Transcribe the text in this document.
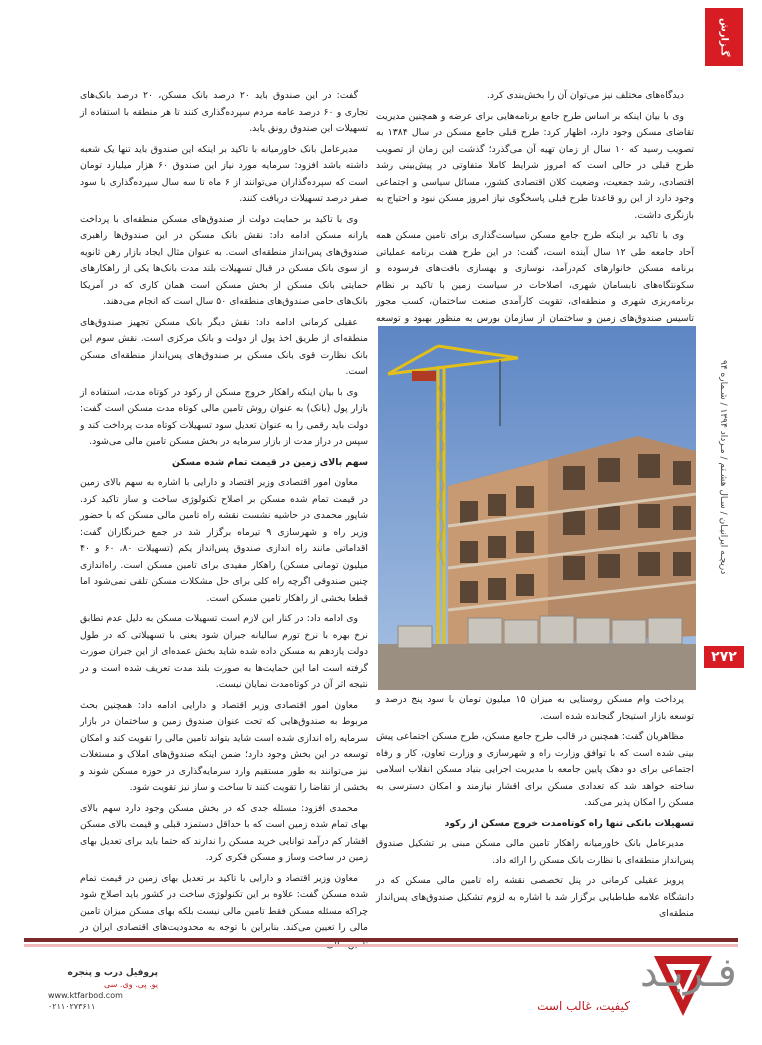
گـزارش
دریچـه ایرانیـان / سـال هشـتم / مـرداد ۱۳۹۴ / شـماره ۹۴
۲۷۲

دیدگاه‌های مختلف نیز می‌توان آن را بخش‌بندی کرد.

وی با بیان اینکه بر اساس طرح جامع برنامه‌هایی برای عرضه و همچنین مدیریت تقاضای مسکن وجود دارد، اظهار کرد: طرح قبلی جامع مسکن در سال ۱۳۸۴ به تصویب رسید که ۱۰ سال از زمان تهیه آن می‌گذرد؛ گذشت این زمان از تصویب طرح قبلی در حالی است که امروز شرایط کاملا متفاوتی در پیش‌بینی رشد اقتصادی، رشد جمعیت، وضعیت کلان اقتصادی کشور، مسائل سیاسی و اجتماعی وجود دارد از این رو قاعدتا طرح قبلی پاسخگوی نیاز امروز مسکن نبود و احتیاج به بازنگری داشت.

وی با تاکید بر اینکه طرح جامع مسکن سیاست‌گذاری برای تامین مسکن همه آحاد جامعه طی ۱۲ سال آینده است، گفت: در این طرح هفت برنامه عملیاتی برنامه مسکن خانوارهای کم‌درآمد، نوسازی و بهسازی بافت‌های فرسوده و سکونتگاه‌های نابسامان شهری، اصلاحات در سیاست زمین با تاکید بر نظام برنامه‌ریزی شهری و منطقه‌ای، تقویت کارآمدی صنعت ساختمان، کسب مجوز تاسیس صندوق‌های زمین و ساختمان از سازمان بورس به منظور بهبود و توسعه

پرداخت وام مسکن روستایی به میزان ۱۵ میلیون تومان با سود پنج درصد و توسعه بازار استیجار گنجانده شده است.

مظاهریان گفت: همچنین در قالب طرح جامع مسکن، طرح مسکن اجتماعی پیش بینی شده است که با توافق وزارت راه و شهرسازی و وزارت تعاون، کار و رفاه اجتماعی برای دو دهک پایین جامعه با مدیریت اجرایی بنیاد مسکن انقلاب اسلامی ساخته خواهد شد که تعدادی مسکن برای اقشار نیازمند و امکان دسترسی به مسکن را امکان پذیر می‌کند.

تسهیلات بانکی تنها راه کوتاه‌مدت خروج مسکن از رکود

مدیرعامل بانک خاورمیانه راهکار تامین مالی مسکن مبنی بر تشکیل صندوق پس‌انداز منطقه‌ای با نظارت بانک مسکن را ارائه داد.

پرویز عقیلی کرمانی در پنل تخصصی نقشه راه تامین مالی مسکن که در دانشگاه علامه طباطبایی برگزار شد با اشاره به لزوم تشکیل صندوق‌های پس‌انداز منطقه‌ای

گفت: در این صندوق باید ۲۰ درصد بانک مسکن، ۲۰ درصد بانک‌های تجاری و ۶۰ درصد عامه مردم سپرده‌گذاری کنند تا هر منطقه با استفاده از تسهیلات این صندوق رونق یابد.

مدیرعامل بانک خاورمیانه با تاکید بر اینکه این صندوق باید تنها یک شعبه داشته باشد افزود: سرمایه مورد نیاز این صندوق ۶۰ هزار میلیارد تومان است که سپرده‌گذاران می‌توانند از ۶ ماه تا سه سال سپرده‌گذاری با سود صفر درصد تسهیلات دریافت کنند.

وی با تاکید بر حمایت دولت از صندوق‌های مسکن منطقه‌ای با پرداخت یارانه مسکن ادامه داد: نقش بانک مسکن در این صندوق‌ها راهبری صندوق‌های پس‌انداز منطقه‌ای است. به عنوان مثال ایجاد بازار رهن ثانویه از سوی بانک مسکن در قبال تسهیلات بلند مدت بانک‌ها یکی از راهکارهای حمایتی بانک مسکن از بخش مسکن است همان کاری که در آمریکا بانک‌های حامی صندوق‌های منطقه‌ای ۵۰ سال است که انجام می‌دهند.

عقیلی کرمانی ادامه داد: نقش دیگر بانک مسکن تجهیز صندوق‌های منطقه‌ای از طریق اخذ پول از دولت و بانک مرکزی است. نقش سوم این بانک نظارت قوی بانک مسکن بر صندوق‌های پس‌انداز منطقه‌ای مسکن است.

وی با بیان اینکه راهکار خروج مسکن از رکود در کوتاه مدت، استفاده از بازار پول (بانک) به عنوان روش تامین مالی کوتاه مدت مسکن است گفت: دولت باید رقمی را به عنوان تعدیل سود تسهیلات کوتاه مدت پرداخت کند و سپس در دراز مدت از بازار سرمایه در بخش مسکن تامین مالی می‌شود.

سهم بالای زمین در قیمت تمام شده مسکن

معاون امور اقتصادی وزیر اقتصاد و دارایی با اشاره به سهم بالای زمین در قیمت تمام شده مسکن بر اصلاح تکنولوژی ساخت و ساز تاکید کرد. شاپور محمدی در حاشیه نشست نقشه راه تامین مالی مسکن که با حضور وزیر راه و شهرسازی ۹ تیرماه برگزار شد در جمع خبرنگاران گفت: اقداماتی مانند راه اندازی صندوق پس‌انداز یکم (تسهیلات ۸۰، ۶۰ و ۴۰ میلیون تومانی مسکن) راهکار مفیدی برای تامین مسکن است. راه‌اندازی چنین صندوقی اگرچه راه کلی برای حل مشکلات مسکن تلقی نمی‌شود اما قطعا بخشی از راهکار تامین مسکن است.

وی ادامه داد: در کنار این لازم است تسهیلات مسکن به دلیل عدم تطابق نرخ بهره با نرخ تورم سالیانه جبران شود یعنی با تسهیلاتی که در طول دولت یازدهم به مسکن داده شده شاید بخش عمده‌ای از این جبران صورت گرفته است اما این حمایت‌ها به صورت بلند مدت تعریف شده است و در نتیجه اثر آن در کوتاه‌مدت نمایان نیست.

معاون امور اقتصادی وزیر اقتصاد و دارایی ادامه داد: همچنین بحث مربوط به صندوق‌هایی که تحت عنوان صندوق زمین و ساختمان در بازار سرمایه راه اندازی شده است شاید بتواند تامین مالی را تقویت کند و امکان توسعه در این بخش وجود دارد؛ ضمن اینکه صندوق‌های املاک و مستغلات نیز می‌توانند به طور مستقیم وارد سرمایه‌گذاری در حوزه مسکن شوند و بخشی از تقاضا را تقویت کنند تا ساخت و ساز نیز تقویت شود.

محمدی افزود: مسئله جدی که در بخش مسکن وجود دارد سهم بالای بهای تمام شده زمین است که با حداقل دستمزد قبلی و قیمت بالای مسکن اقشار کم درآمد توانایی خرید مسکن را ندارند که حتما باید برای تعدیل بهای زمین در ساخت وساز و مسکن فکری کرد.

معاون وزیر اقتصاد و دارایی با تاکید بر تعدیل بهای زمین در قیمت تمام شده مسکن گفت: علاوه بر این تکنولوژی ساخت در کشور باید اصلاح شود چراکه مسئله مسکن فقط تامین مالی نیست بلکه بهای مسکن میزان تامین مالی را تعیین می‌کند. بنابراین با توجه به محدودیت‌های اقتصادی ایران در

فـربـد
کیفیت، غالب است
پروفیل درب و پنجره
یو. پی. وی. سی
www.ktfarbod.com
۰۲۱۱۰۲۷۳۶۱۱
